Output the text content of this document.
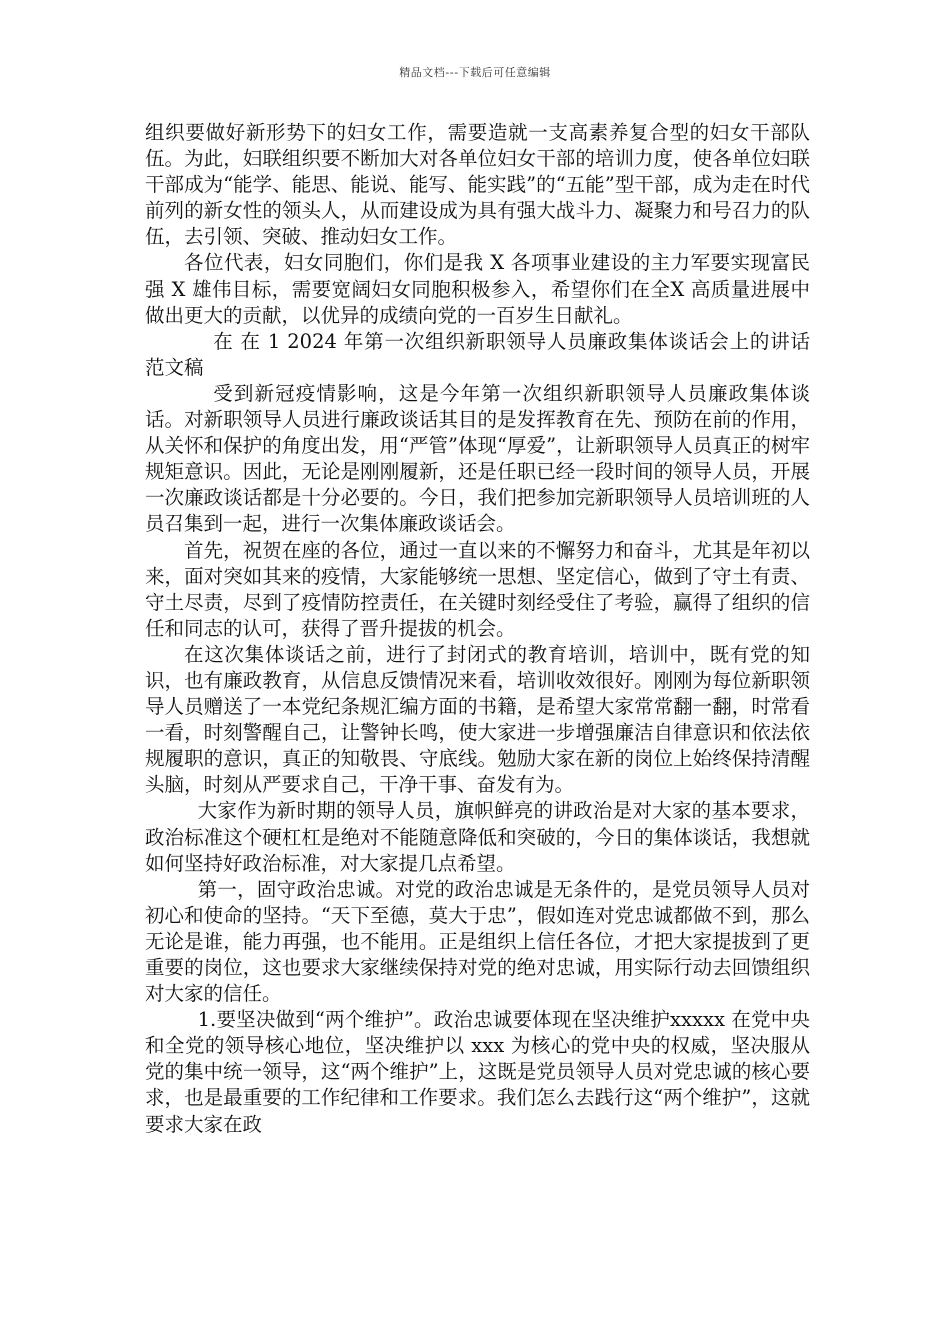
精品文档---下载后可任意编辑

组织要做好新形势下的妇女工作，需要造就一支高素养复合型的妇女干部队伍。为此，妇联组织要不断加大对各单位妇女干部的培训力度，使各单位妇联干部成为“能学、能思、能说、能写、能实践”的“五能”型干部，成为走在时代前列的新女性的领头人，从而建设成为具有强大战斗力、凝聚力和号召力的队伍，去引领、突破、推动妇女工作。

各位代表，妇女同胞们，你们是我 X 各项事业建设的主力军要实现富民强 X 雄伟目标，需要宽阔妇女同胞积极参入，希望你们在全X 高质量进展中做出更大的贡献，以优异的成绩向党的一百岁生日献礼。

在 在 1 2024 年第一次组织新职领导人员廉政集体谈话会上的讲话 范文稿

受到新冠疫情影响，这是今年第一次组织新职领导人员廉政集体谈话。对新职领导人员进行廉政谈话其目的是发挥教育在先、预防在前的作用，从关怀和保护的角度出发，用“严管”体现“厚爱”，让新职领导人员真正的树牢规矩意识。因此，无论是刚刚履新，还是任职已经一段时间的领导人员，开展一次廉政谈话都是十分必要的。今日，我们把参加完新职领导人员培训班的人员召集到一起，进行一次集体廉政谈话会。

首先，祝贺在座的各位，通过一直以来的不懈努力和奋斗，尤其是年初以来，面对突如其来的疫情，大家能够统一思想、坚定信心，做到了守土有责、守土尽责，尽到了疫情防控责任，在关键时刻经受住了考验，赢得了组织的信任和同志的认可，获得了晋升提拔的机会。

在这次集体谈话之前，进行了封闭式的教育培训，培训中，既有党的知识，也有廉政教育，从信息反馈情况来看，培训收效很好。刚刚为每位新职领导人员赠送了一本党纪条规汇编方面的书籍，是希望大家常常翻一翻，时常看一看，时刻警醒自己，让警钟长鸣，使大家进一步增强廉洁自律意识和依法依规履职的意识，真正的知敬畏、守底线。勉励大家在新的岗位上始终保持清醒头脑，时刻从严要求自己，干净干事、奋发有为。

大家作为新时期的领导人员，旗帜鲜亮的讲政治是对大家的基本要求，政治标准这个硬杠杠是绝对不能随意降低和突破的，今日的集体谈话，我想就如何坚持好政治标准，对大家提几点希望。

第一，固守政治忠诚。对党的政治忠诚是无条件的，是党员领导人员对初心和使命的坚持。“天下至德，莫大于忠”，假如连对党忠诚都做不到，那么无论是谁，能力再强，也不能用。正是组织上信任各位，才把大家提拔到了更重要的岗位，这也要求大家继续保持对党的绝对忠诚，用实际行动去回馈组织对大家的信任。

1.要坚决做到“两个维护”。政治忠诚要体现在坚决维护xxxxx 在党中央和全党的领导核心地位，坚决维护以 xxx 为核心的党中央的权威，坚决服从党的集中统一领导，这“两个维护”上，这既是党员领导人员对党忠诚的核心要求，也是最重要的工作纪律和工作要求。我们怎么去践行这“两个维护”，这就要求大家在政
